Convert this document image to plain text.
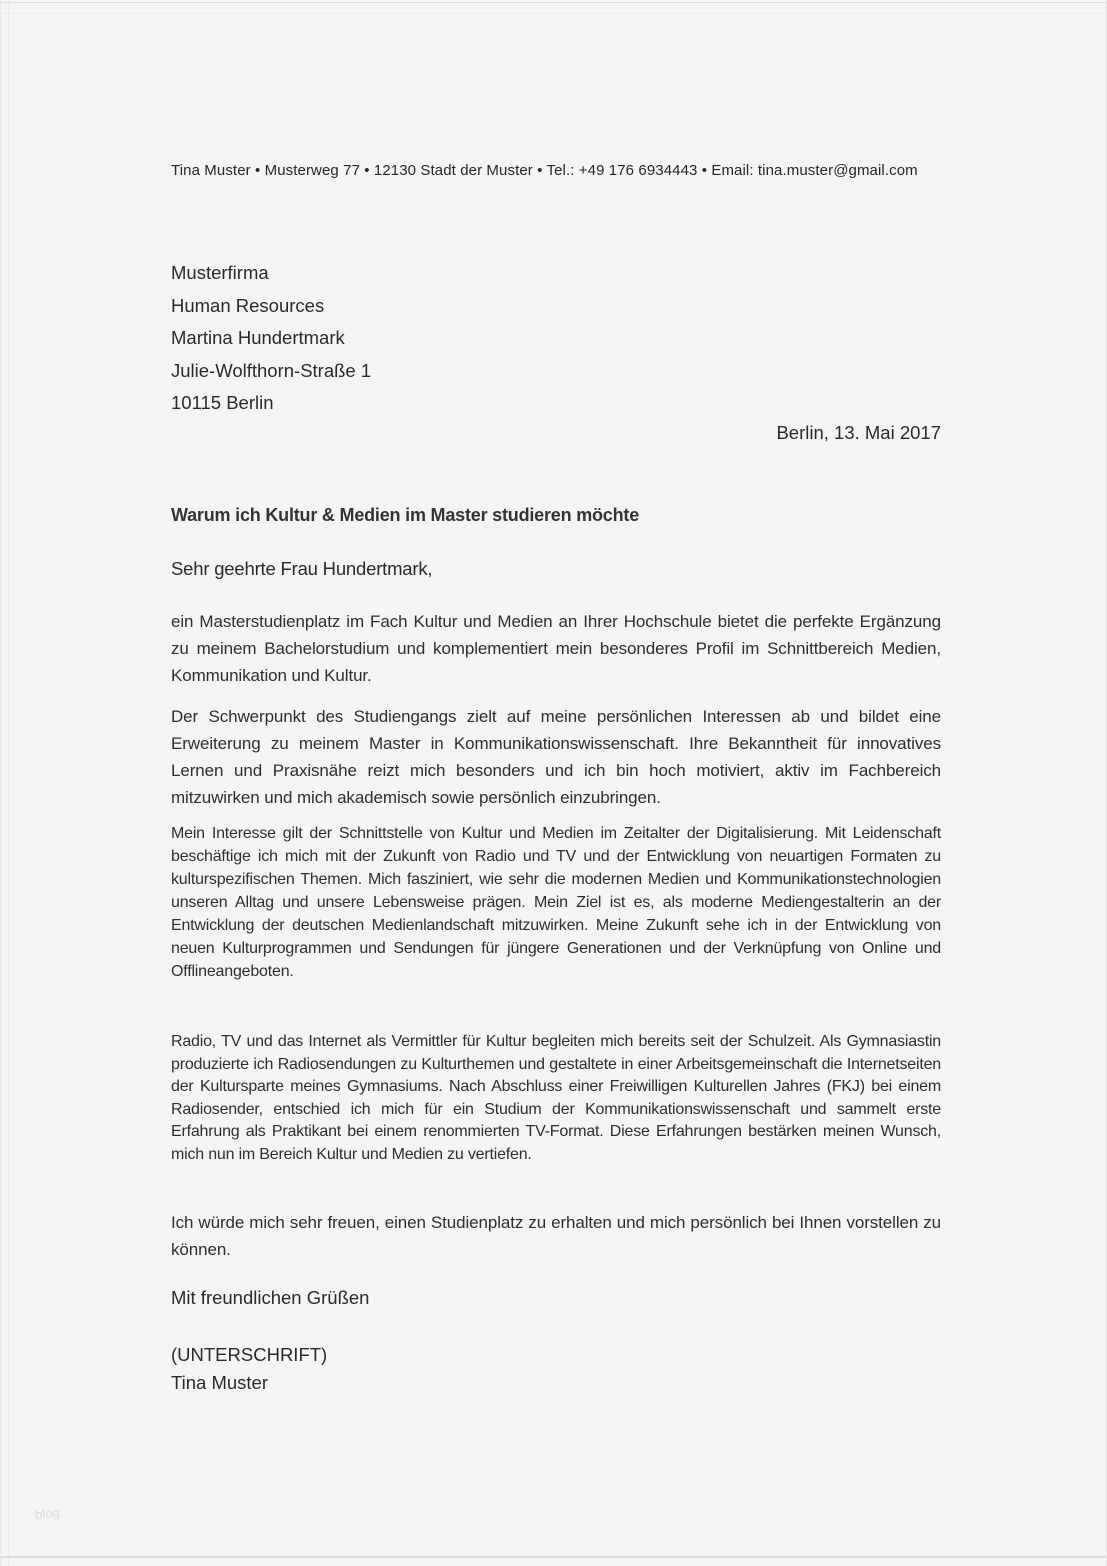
Tina Muster • Musterweg 77 • 12130 Stadt der Muster • Tel.: +49 176 6934443 • Email: tina.muster@gmail.com
Musterfirma
Human Resources
Martina Hundertmark
Julie-Wolfthorn-Straße 1
10115 Berlin
Berlin, 13. Mai 2017
Warum ich Kultur & Medien im Master studieren möchte
Sehr geehrte Frau Hundertmark,

ein Masterstudienplatz im Fach Kultur und Medien an Ihrer Hochschule bietet die perfekte Ergänzung zu meinem Bachelorstudium und komplementiert mein besonderes Profil im Schnittbereich Medien, Kommunikation und Kultur.

Der Schwerpunkt des Studiengangs zielt auf meine persönlichen Interessen ab und bildet eine Erweiterung zu meinem Master in Kommunikationswissenschaft. Ihre Bekanntheit für innovatives Lernen und Praxisnähe reizt mich besonders und ich bin hoch motiviert, aktiv im Fachbereich mitzuwirken und mich akademisch sowie persönlich einzubringen.

Mein Interesse gilt der Schnittstelle von Kultur und Medien im Zeitalter der Digitalisierung. Mit Leidenschaft beschäftige ich mich mit der Zukunft von Radio und TV und der Entwicklung von neuartigen Formaten zu kulturspezifischen Themen. Mich fasziniert, wie sehr die modernen Medien und Kommunikationstechnologien unseren Alltag und unsere Lebensweise prägen. Mein Ziel ist es, als moderne Mediengestalterin an der Entwicklung der deutschen Medienlandschaft mitzuwirken. Meine Zukunft sehe ich in der Entwicklung von neuen Kulturprogrammen und Sendungen für jüngere Generationen und der Verknüpfung von Online und Offlineangeboten.

Radio, TV und das Internet als Vermittler für Kultur begleiten mich bereits seit der Schulzeit. Als Gymnasiastin produzierte ich Radiosendungen zu Kulturthemen und gestaltete in einer Arbeitsgemeinschaft die Internetseiten der Kultursparte meines Gymnasiums. Nach Abschluss einer Freiwilligen Kulturellen Jahres (FKJ) bei einem Radiosender, entschied ich mich für ein Studium der Kommunikationswissenschaft und sammelt erste Erfahrung als Praktikant bei einem renommierten TV-Format. Diese Erfahrungen bestärken meinen Wunsch, mich nun im Bereich Kultur und Medien zu vertiefen.

Ich würde mich sehr freuen, einen Studienplatz zu erhalten und mich persönlich bei Ihnen vorstellen zu können.

Mit freundlichen Grüßen
(UNTERSCHRIFT)
Tina Muster
blog
